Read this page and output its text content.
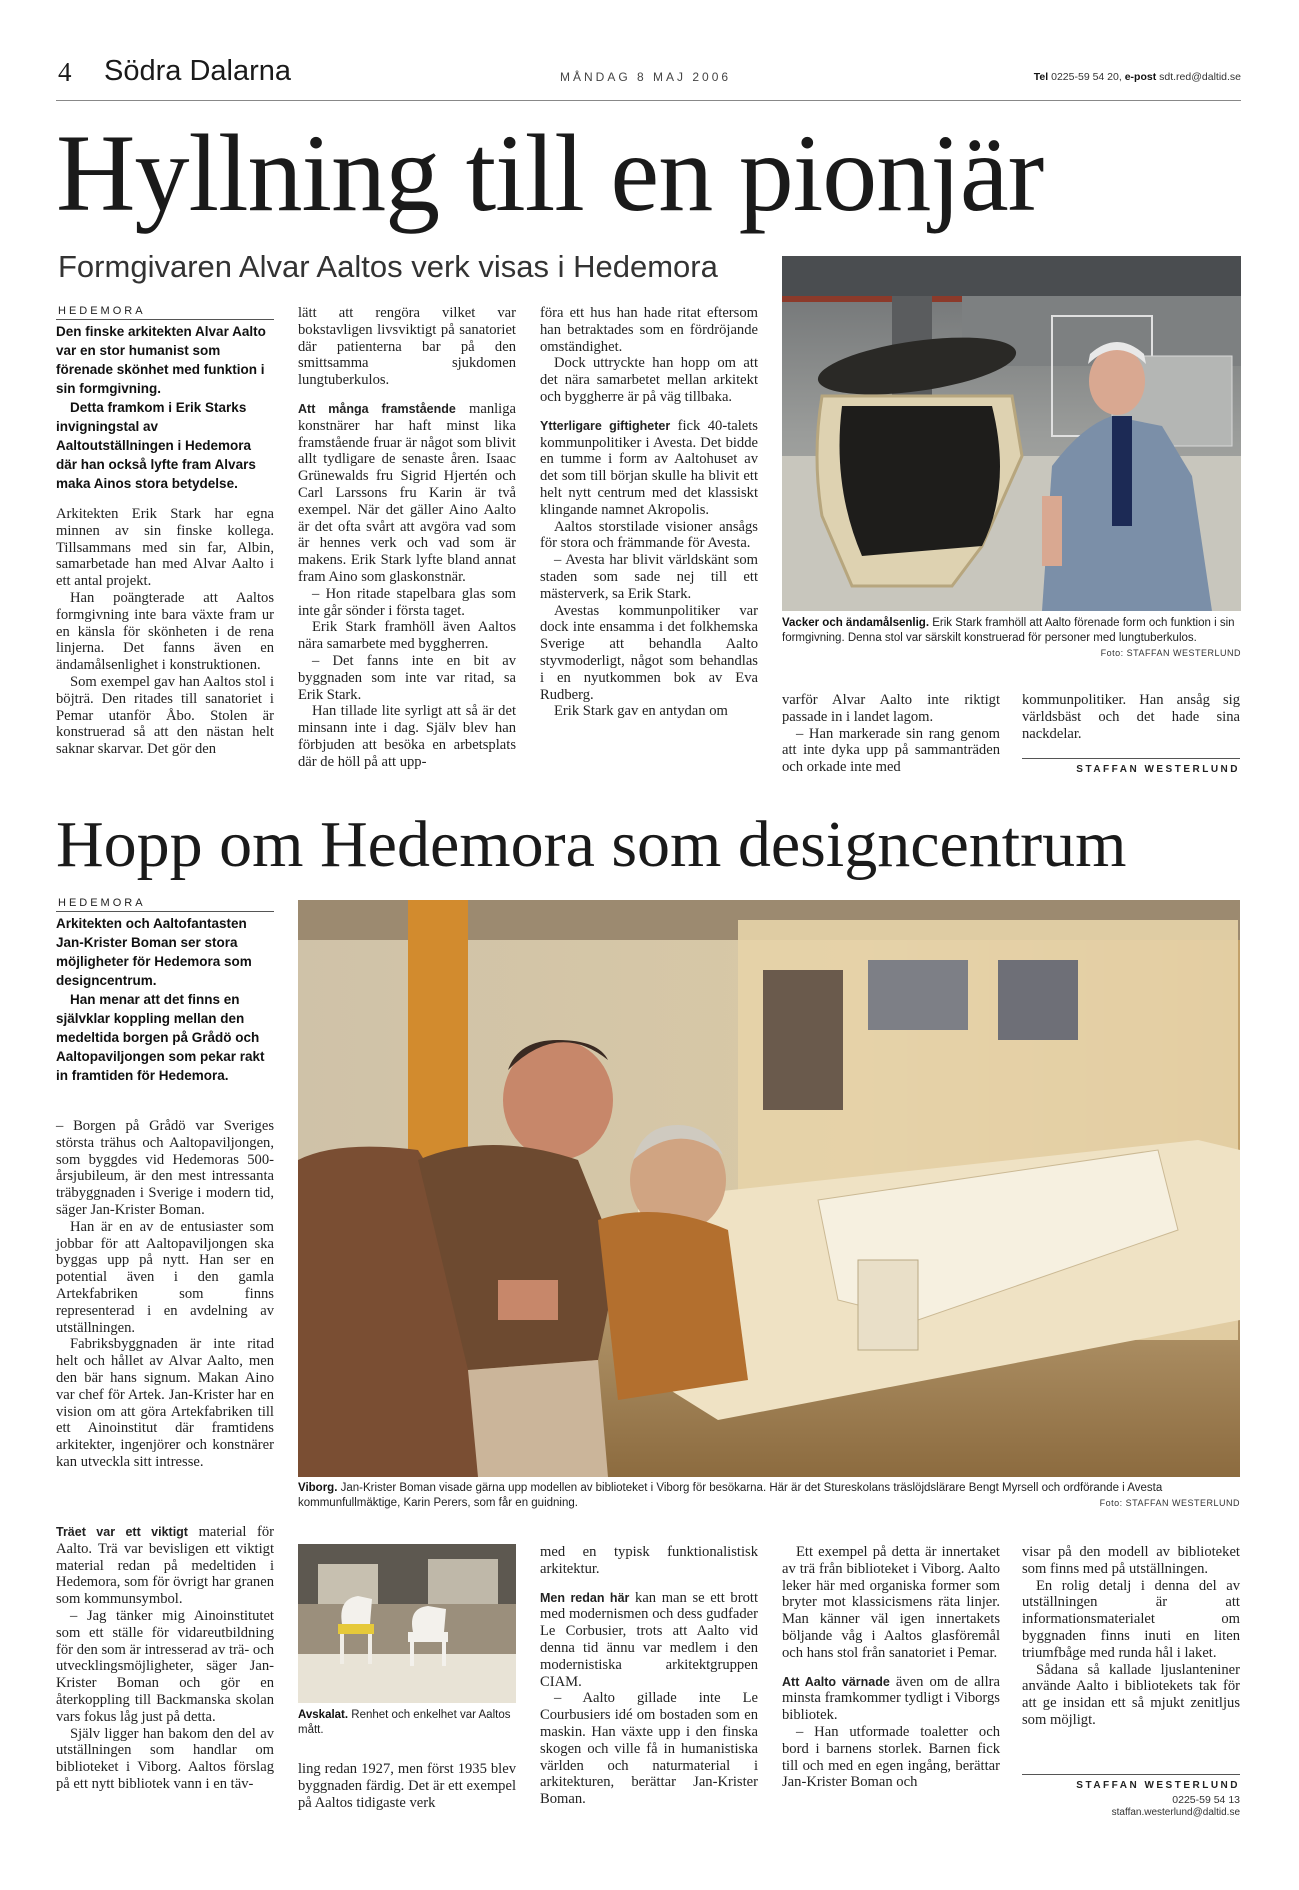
4 Södra Dalarna	MÅNDAG 8 MAJ 2006	Tel 0225-59 54 20, e-post sdt.red@daltid.se
Hyllning till en pionjär
Formgivaren Alvar Aaltos verk visas i Hedemora
HEDEMORA

Den finske arkitekten Alvar Aalto var en stor humanist som förenade skönhet med funktion i sin formgivning.

Detta framkom i Erik Starks invigningstal av Aaltoutställningen i Hedemora där han också lyfte fram Alvars maka Ainos stora betydelse.

Arkitekten Erik Stark har egna minnen av sin finske kollega. Tillsammans med sin far, Albin, samarbetade han med Alvar Aalto i ett antal projekt.

Han poängterade att Aaltos formgivning inte bara växte fram ur en känsla för skönheten i de rena linjerna. Det fanns även en ändamålsenlighet i konstruktionen.

Som exempel gav han Aaltos stol i böjträ. Den ritades till sanatoriet i Pemar utanför Åbo. Stolen är konstruerad så att den nästan helt saknar skarvar. Det gör den

lätt att rengöra vilket var bokstavligen livsviktigt på sanatoriet där patienterna bar på den smittsamma sjukdomen lungtuberkulos.

Att många framstående manliga konstnärer har haft minst lika framstående fruar är något som blivit allt tydligare de senaste åren. Isaac Grünewalds fru Sigrid Hjertén och Carl Larssons fru Karin är två exempel. När det gäller Aino Aalto är det ofta svårt att avgöra vad som är hennes verk och vad som är makens. Erik Stark lyfte bland annat fram Aino som glaskonstnär.

– Hon ritade stapelbara glas som inte går sönder i första taget.

Erik Stark framhöll även Aaltos nära samarbete med byggherren.

– Det fanns inte en bit av byggnaden som inte var ritad, sa Erik Stark.

Han tillade lite syrligt att så är det minsann inte i dag. Själv blev han förbjuden att besöka en arbetsplats där de höll på att upp-

föra ett hus han hade ritat eftersom han betraktades som en fördröjande omständighet.

Dock uttryckte han hopp om att det nära samarbetet mellan arkitekt och byggherre är på väg tillbaka.

Ytterligare giftigheter fick 40-talets kommunpolitiker i Avesta. Det bidde en tumme i form av Aaltohuset av det som till början skulle ha blivit ett helt nytt centrum med det klassiskt klingande namnet Akropolis.

Aaltos storstilade visioner ansågs för stora och främmande för Avesta.

– Avesta har blivit världskänt som staden som sade nej till ett mästerverk, sa Erik Stark.

Avestas kommunpolitiker var dock inte ensamma i det folkhemska Sverige att behandla Aalto styvmoderligt, något som behandlas i en nyutkommen bok av Eva Rudberg.

Erik Stark gav en antydan om

Vacker och ändamålsenlig. Erik Stark framhöll att Aalto förenade form och funktion i sin formgivning. Denna stol var särskilt konstruerad för personer med lungtuberkulos.
Foto: STAFFAN WESTERLUND

varför Alvar Aalto inte riktigt passade in i landet lagom.

– Han markerade sin rang genom att inte dyka upp på sammanträden och orkade inte med

kommunpolitiker. Han ansåg sig världsbäst och det hade sina nackdelar.

STAFFAN WESTERLUND
Hopp om Hedemora som designcentrum
HEDEMORA

Arkitekten och Aaltofantasten Jan-Krister Boman ser stora möjligheter för Hedemora som designcentrum.

Han menar att det finns en självklar koppling mellan den medeltida borgen på Grådö och Aaltopaviljongen som pekar rakt in framtiden för Hedemora.

– Borgen på Grådö var Sveriges största trähus och Aaltopaviljongen, som byggdes vid Hedemoras 500-årsjubileum, är den mest intressanta träbyggnaden i Sverige i modern tid, säger Jan-Krister Boman.

Han är en av de entusiaster som jobbar för att Aaltopaviljongen ska byggas upp på nytt. Han ser en potential även i den gamla Artekfabriken som finns representerad i en avdelning av utställningen.

Fabriksbyggnaden är inte ritad helt och hållet av Alvar Aalto, men den bär hans signum. Makan Aino var chef för Artek. Jan-Krister har en vision om att göra Artekfabriken till ett Ainoinstitut där framtidens arkitekter, ingenjörer och konstnärer kan utveckla sitt intresse.

Träet var ett viktigt material för Aalto. Trä var bevisligen ett viktigt material redan på medeltiden i Hedemora, som för övrigt har granen som kommunsymbol.

– Jag tänker mig Ainoinstitutet som ett ställe för vidareutbildning för den som är intresserad av trä- och utvecklingsmöjligheter, säger Jan-Krister Boman och gör en återkoppling till Backmanska skolan vars fokus låg just på detta.

Själv ligger han bakom den del av utställningen som handlar om biblioteket i Viborg. Aaltos förslag på ett nytt bibliotek vann i en täv-

Viborg. Jan-Krister Boman visade gärna upp modellen av biblioteket i Viborg för besökarna. Här är det Stureskolans träslöjdslärare Bengt Myrsell och ordförande i Avesta kommunfullmäktige, Karin Perers, som får en guidning.	Foto: STAFFAN WESTERLUND
Avskalat. Renhet och enkelhet var Aaltos mått.

ling redan 1927, men först 1935 blev byggnaden färdig. Det är ett exempel på Aaltos tidigaste verk

med en typisk funktionalistisk arkitektur.

Men redan här kan man se ett brott med modernismen och dess gudfader Le Corbusier, trots att Aalto vid denna tid ännu var medlem i den modernistiska arkitektgruppen CIAM.

– Aalto gillade inte Le Courbusiers idé om bostaden som en maskin. Han växte upp i den finska skogen och ville få in humanistiska världen och naturmaterial i arkitekturen, berättar Jan-Krister Boman.

Ett exempel på detta är innertaket av trä från biblioteket i Viborg. Aalto leker här med organiska former som bryter mot klassicismens räta linjer. Man känner väl igen innertakets böljande våg i Aaltos glasföremål och hans stol från sanatoriet i Pemar.

Att Aalto värnade även om de allra minsta framkommer tydligt i Viborgs bibliotek.

– Han utformade toaletter och bord i barnens storlek. Barnen fick till och med en egen ingång, berättar Jan-Krister Boman och

visar på den modell av biblioteket som finns med på utställningen.

En rolig detalj i denna del av utställningen är att informationsmaterialet om byggnaden finns inuti en liten triumfbåge med runda hål i laket.

Sådana så kallade ljuslanteniner använde Aalto i bibliotekets tak för att ge insidan ett så mjukt zenitljus som möjligt.

STAFFAN WESTERLUND
0225-59 54 13
staffan.westerlund@daltid.se
